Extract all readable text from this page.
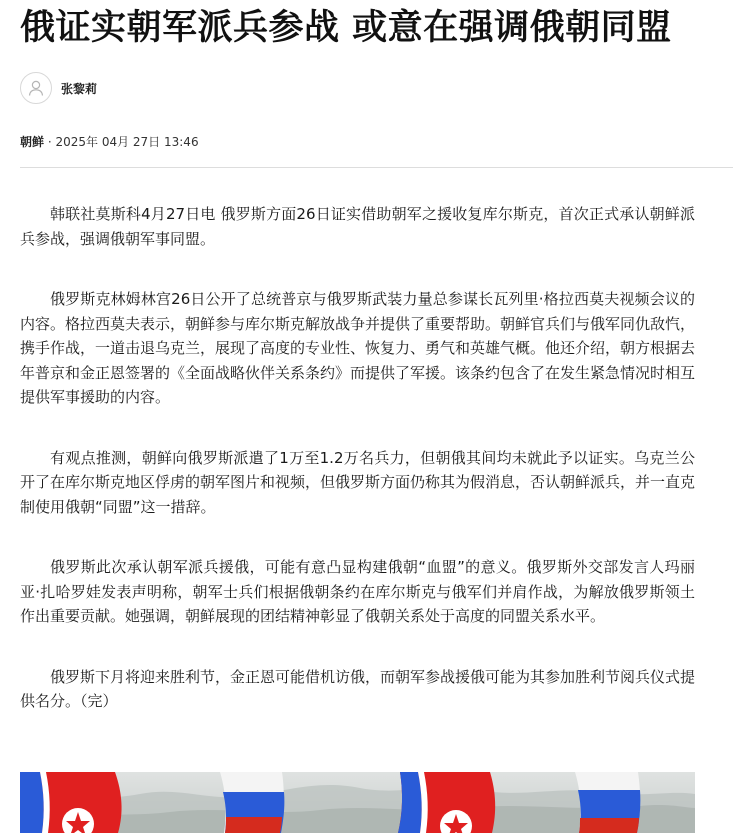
俄证实朝军派兵参战 或意在强调俄朝同盟
张黎莉
朝鲜 · 2025年 04月 27日 13:46

韩联社莫斯科4月27日电 俄罗斯方面26日证实借助朝军之援收复库尔斯克，首次正式承认朝鲜派兵参战，强调俄朝军事同盟。

俄罗斯克林姆林宫26日公开了总统普京与俄罗斯武装力量总参谋长瓦列里·格拉西莫夫视频会议的内容。格拉西莫夫表示，朝鲜参与库尔斯克解放战争并提供了重要帮助。朝鲜官兵们与俄军同仇敌忾，携手作战，一道击退乌克兰，展现了高度的专业性、恢复力、勇气和英雄气概。他还介绍，朝方根据去年普京和金正恩签署的《全面战略伙伴关系条约》而提供了军援。该条约包含了在发生紧急情况时相互提供军事援助的内容。

有观点推测，朝鲜向俄罗斯派遣了1万至1.2万名兵力，但朝俄其间均未就此予以证实。乌克兰公开了在库尔斯克地区俘虏的朝军图片和视频，但俄罗斯方面仍称其为假消息，否认朝鲜派兵，并一直克制使用俄朝“同盟”这一措辞。

俄罗斯此次承认朝军派兵援俄，可能有意凸显构建俄朝“血盟”的意义。俄罗斯外交部发言人玛丽亚·扎哈罗娃发表声明称，朝军士兵们根据俄朝条约在库尔斯克与俄军们并肩作战，为解放俄罗斯领土作出重要贡献。她强调，朝鲜展现的团结精神彰显了俄朝关系处于高度的同盟关系水平。

俄罗斯下月将迎来胜利节，金正恩可能借机访俄，而朝军参战援俄可能为其参加胜利节阅兵仪式提供名分。（完）
